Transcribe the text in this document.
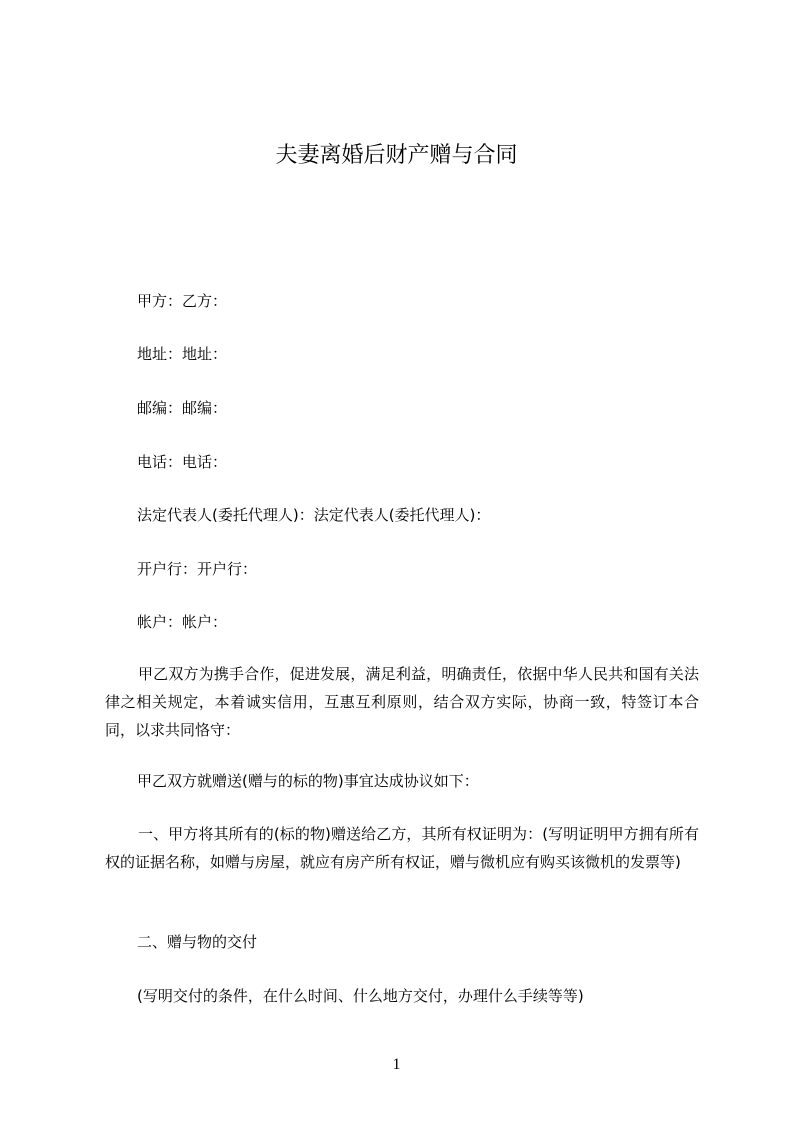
夫妻离婚后财产赠与合同

甲方：乙方：

地址：地址：

邮编：邮编：

电话：电话：

法定代表人(委托代理人)：法定代表人(委托代理人)：

开户行：开户行：

帐户：帐户：

甲乙双方为携手合作，促进发展，满足利益，明确责任，依据中华人民共和国有关法律之相关规定，本着诚实信用，互惠互利原则，结合双方实际，协商一致，特签订本合同，以求共同恪守：

甲乙双方就赠送(赠与的标的物)事宜达成协议如下：

一、甲方将其所有的(标的物)赠送给乙方，其所有权证明为：(写明证明甲方拥有所有权的证据名称，如赠与房屋，就应有房产所有权证，赠与微机应有购买该微机的发票等)

二、赠与物的交付

(写明交付的条件，在什么时间、什么地方交付，办理什么手续等等)

1
